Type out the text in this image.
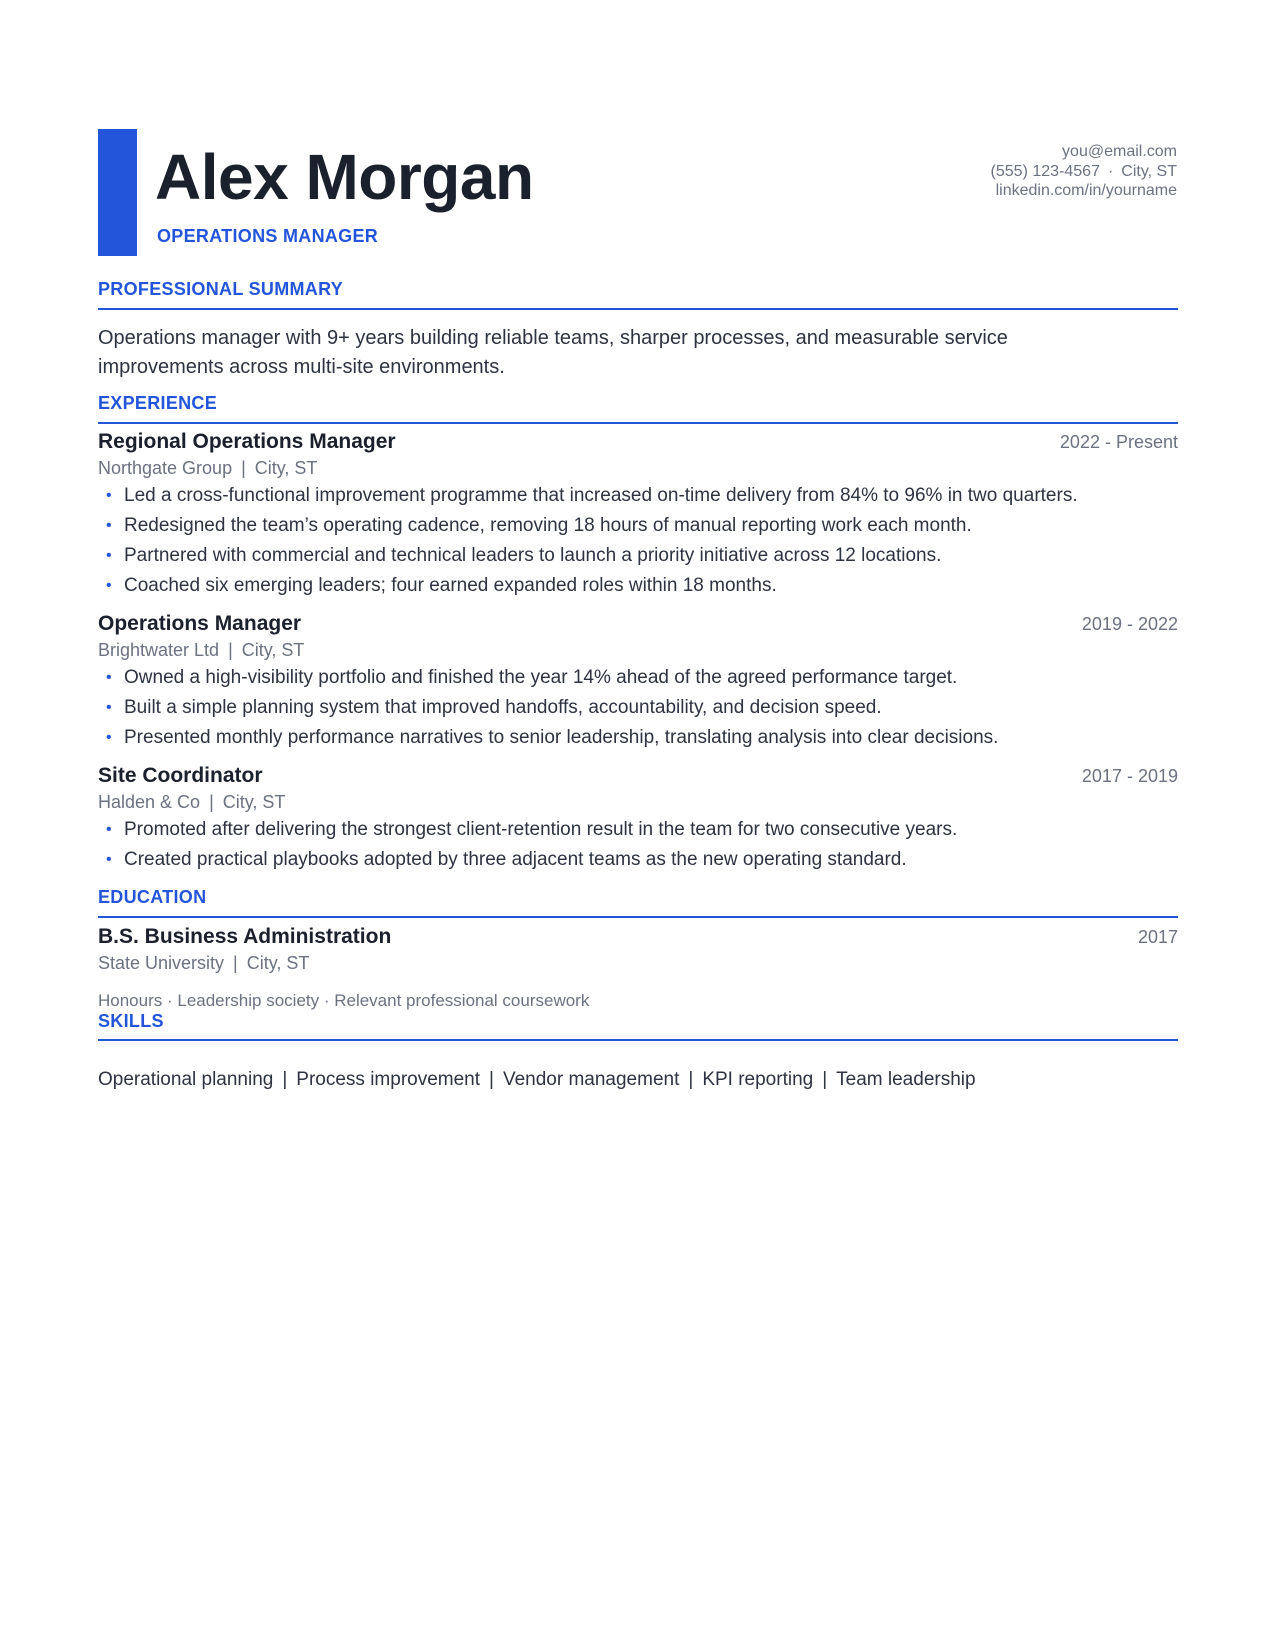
Alex Morgan
OPERATIONS MANAGER
you@email.com
(555) 123-4567 · City, ST
linkedin.com/in/yourname
PROFESSIONAL SUMMARY
Operations manager with 9+ years building reliable teams, sharper processes, and measurable service improvements across multi-site environments.
EXPERIENCE
Regional Operations Manager	2022 - Present
Northgate Group | City, ST
• Led a cross-functional improvement programme that increased on-time delivery from 84% to 96% in two quarters.
• Redesigned the team’s operating cadence, removing 18 hours of manual reporting work each month.
• Partnered with commercial and technical leaders to launch a priority initiative across 12 locations.
• Coached six emerging leaders; four earned expanded roles within 18 months.
Operations Manager	2019 - 2022
Brightwater Ltd | City, ST
• Owned a high-visibility portfolio and finished the year 14% ahead of the agreed performance target.
• Built a simple planning system that improved handoffs, accountability, and decision speed.
• Presented monthly performance narratives to senior leadership, translating analysis into clear decisions.
Site Coordinator	2017 - 2019
Halden & Co | City, ST
• Promoted after delivering the strongest client-retention result in the team for two consecutive years.
• Created practical playbooks adopted by three adjacent teams as the new operating standard.
EDUCATION
B.S. Business Administration	2017
State University | City, ST
Honours · Leadership society · Relevant professional coursework
SKILLS
Operational planning | Process improvement | Vendor management | KPI reporting | Team leadership
